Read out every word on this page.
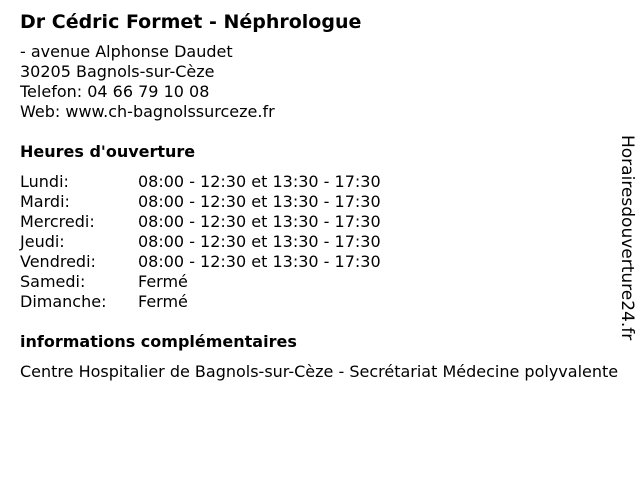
Dr Cédric Formet - Néphrologue
- avenue Alphonse Daudet
30205 Bagnols-sur-Cèze
Telefon: 04 66 79 10 08
Web: www.ch-bagnolssurceze.fr
Heures d'ouverture
Lundi:	08:00 - 12:30 et 13:30 - 17:30
Mardi:	08:00 - 12:30 et 13:30 - 17:30
Mercredi:	08:00 - 12:30 et 13:30 - 17:30
Jeudi:	08:00 - 12:30 et 13:30 - 17:30
Vendredi:	08:00 - 12:30 et 13:30 - 17:30
Samedi:	Fermé
Dimanche:	Fermé
informations complémentaires
Centre Hospitalier de Bagnols-sur-Cèze - Secrétariat Médecine polyvalente
Horairesdouverture24.fr
